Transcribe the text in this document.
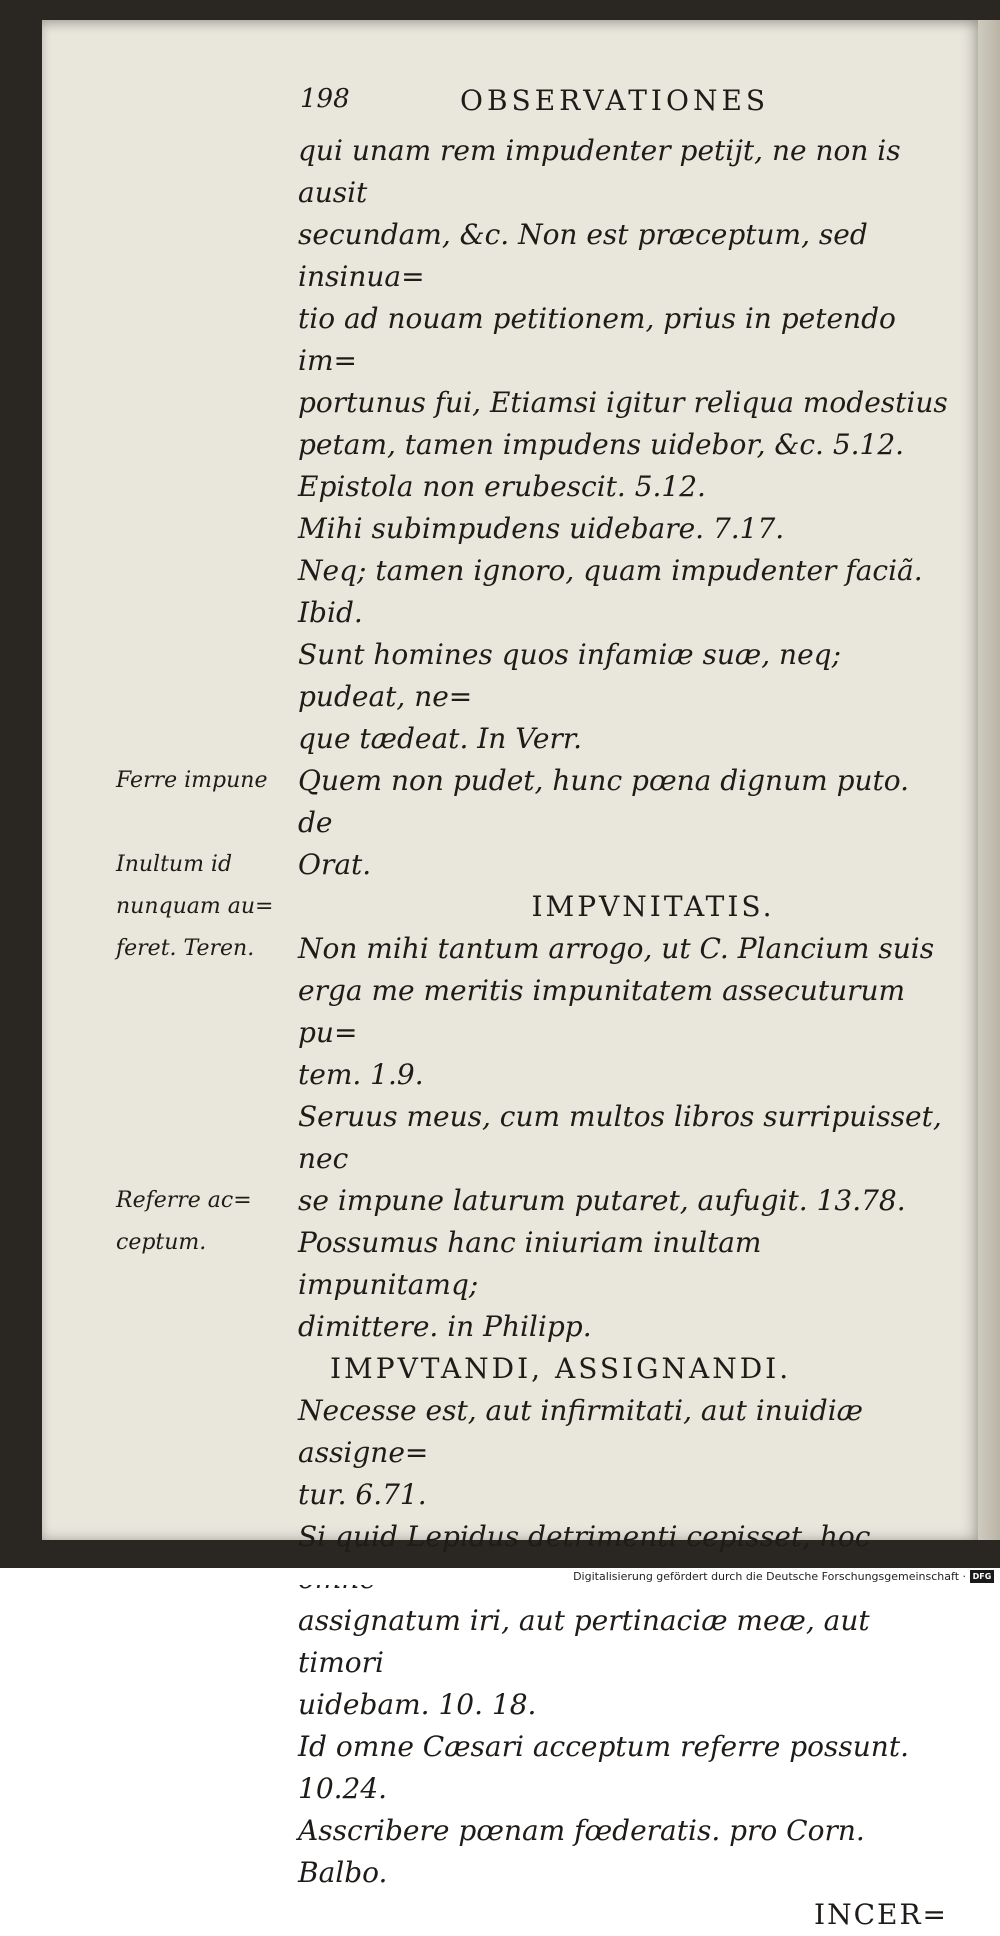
198	OBSERVATIONES

qui unam rem impudenter petijt, ne non is ausit

secundam, &c. Non est præceptum, sed insinua=

tio ad nouam petitionem, prius in petendo im=

portunus fui, Etiamsi igitur reliqua modestius

petam, tamen impudens uidebor, &c. 5.12.

Epistola non erubescit. 5.12.

Mihi subimpudens uidebare. 7.17.

Neq; tamen ignoro, quam impudenter faciã. Ibid.

Sunt homines quos infamiæ suæ, neq; pudeat, ne=

que tædeat. In Verr.

Quem non pudet, hunc pœna dignum puto. de

Orat.

IMPVNITATIS.

Non mihi tantum arrogo, ut C. Plancium suis

erga me meritis impunitatem assecuturum pu=

tem. 1.9.

Seruus meus, cum multos libros surripuisset, nec

se impune laturum putaret, aufugit. 13.78.

Possumus hanc iniuriam inultam impunitamq;

dimittere. in Philipp.

IMPVTANDI, ASSIGNANDI.

Necesse est, aut infirmitati, aut inuidiæ assigne=

tur. 6.71.

Si quid Lepidus detrimenti cepisset, hoc

assignatum iri, aut pertinaciæ meæ, aut timori

uidebam. 10. 18.

Id omne Cæsari acceptum referre possunt. 10.24.

Asscribere pœnam fœderatis. pro Corn. Balbo.

INCER=

Ferre impune
Inultum id
nunquam au=
feret. Teren.
Referre ac=
ceptum.
Digitalisierung gefördert durch die Deutsche Forschungsgemeinschaft · DFG
